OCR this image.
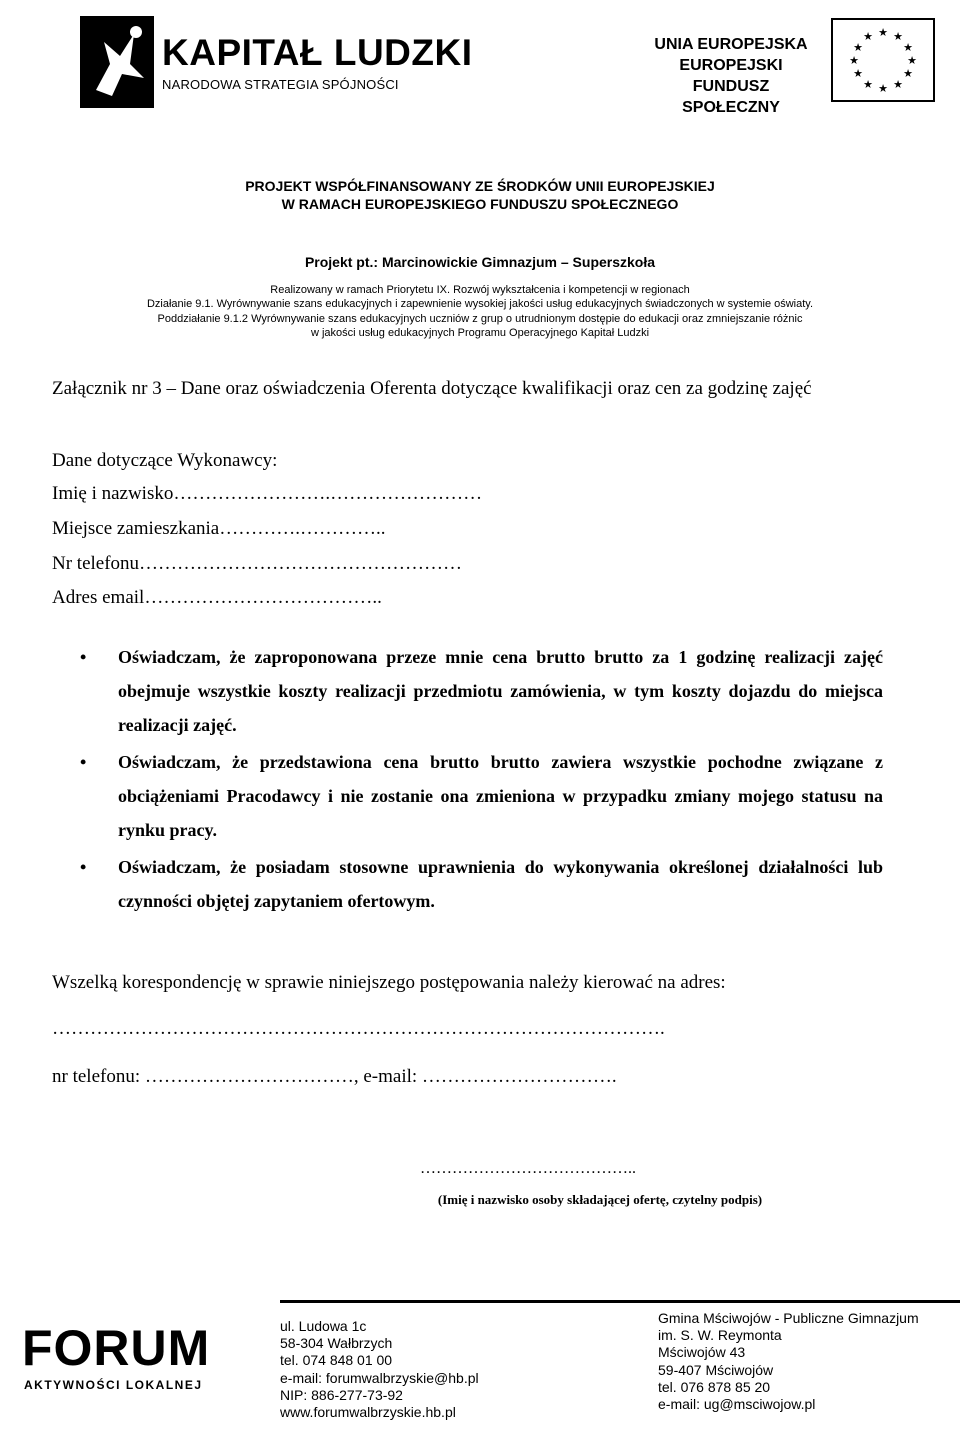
KAPITAŁ LUDZKI
NARODOWA STRATEGIA SPÓJNOŚCI
UNIA EUROPEJSKA
EUROPEJSKI
FUNDUSZ SPOŁECZNY
★ ★
★
★
★
★
★
★
★
★
★
★
PROJEKT WSPÓŁFINANSOWANY ZE ŚRODKÓW UNII EUROPEJSKIEJ
W RAMACH EUROPEJSKIEGO FUNDUSZU SPOŁECZNEGO
Projekt pt.: Marcinowickie Gimnazjum – Superszkoła
Realizowany w ramach Priorytetu IX. Rozwój wykształcenia i kompetencji w regionach
Działanie 9.1. Wyrównywanie szans edukacyjnych i zapewnienie wysokiej jakości usług edukacyjnych świadczonych w systemie oświaty.
Poddziałanie 9.1.2 Wyrównywanie szans edukacyjnych uczniów z grup o utrudnionym dostępie do edukacji oraz zmniejszanie różnic
w jakości usług edukacyjnych Programu Operacyjnego Kapitał Ludzki
Załącznik nr 3 – Dane oraz oświadczenia Oferenta dotyczące kwalifikacji oraz cen za godzinę zajęć
Dane dotyczące Wykonawcy:
Imię i nazwisko…………………….……………………
Miejsce zamieszkania………….…………..
Nr telefonu……………………………………………
Adres email………………………………..
•	Oświadczam, że zaproponowana przeze mnie cena brutto brutto za 1 godzinę realizacji zajęć obejmuje wszystkie koszty realizacji przedmiotu zamówienia, w tym koszty dojazdu do miejsca realizacji zajęć.
•	Oświadczam, że przedstawiona cena brutto brutto zawiera wszystkie pochodne związane z obciążeniami Pracodawcy i nie zostanie ona zmieniona w przypadku zmiany mojego statusu na rynku pracy.
•	Oświadczam, że posiadam stosowne uprawnienia do wykonywania określonej działalności lub czynności objętej zapytaniem ofertowym.
Wszelką korespondencję w sprawie niniejszego postępowania należy kierować na adres:
…………………………………………………………………………………….
nr telefonu: ……………………………, e-mail: ………………………….
…………………………………..
(Imię i nazwisko osoby składającej ofertę, czytelny podpis)
FORUM
AKTYWNOŚCI LOKALNEJ
ul. Ludowa 1c
58-304 Wałbrzych
tel. 074 848 01 00
e-mail: forumwalbrzyskie@hb.pl
NIP: 886-277-73-92
www.forumwalbrzyskie.hb.pl
Gmina Mściwojów - Publiczne Gimnazjum
im. S. W. Reymonta
Mściwojów 43
59-407 Mściwojów
tel. 076 878 85 20
e-mail: ug@msciwojow.pl
